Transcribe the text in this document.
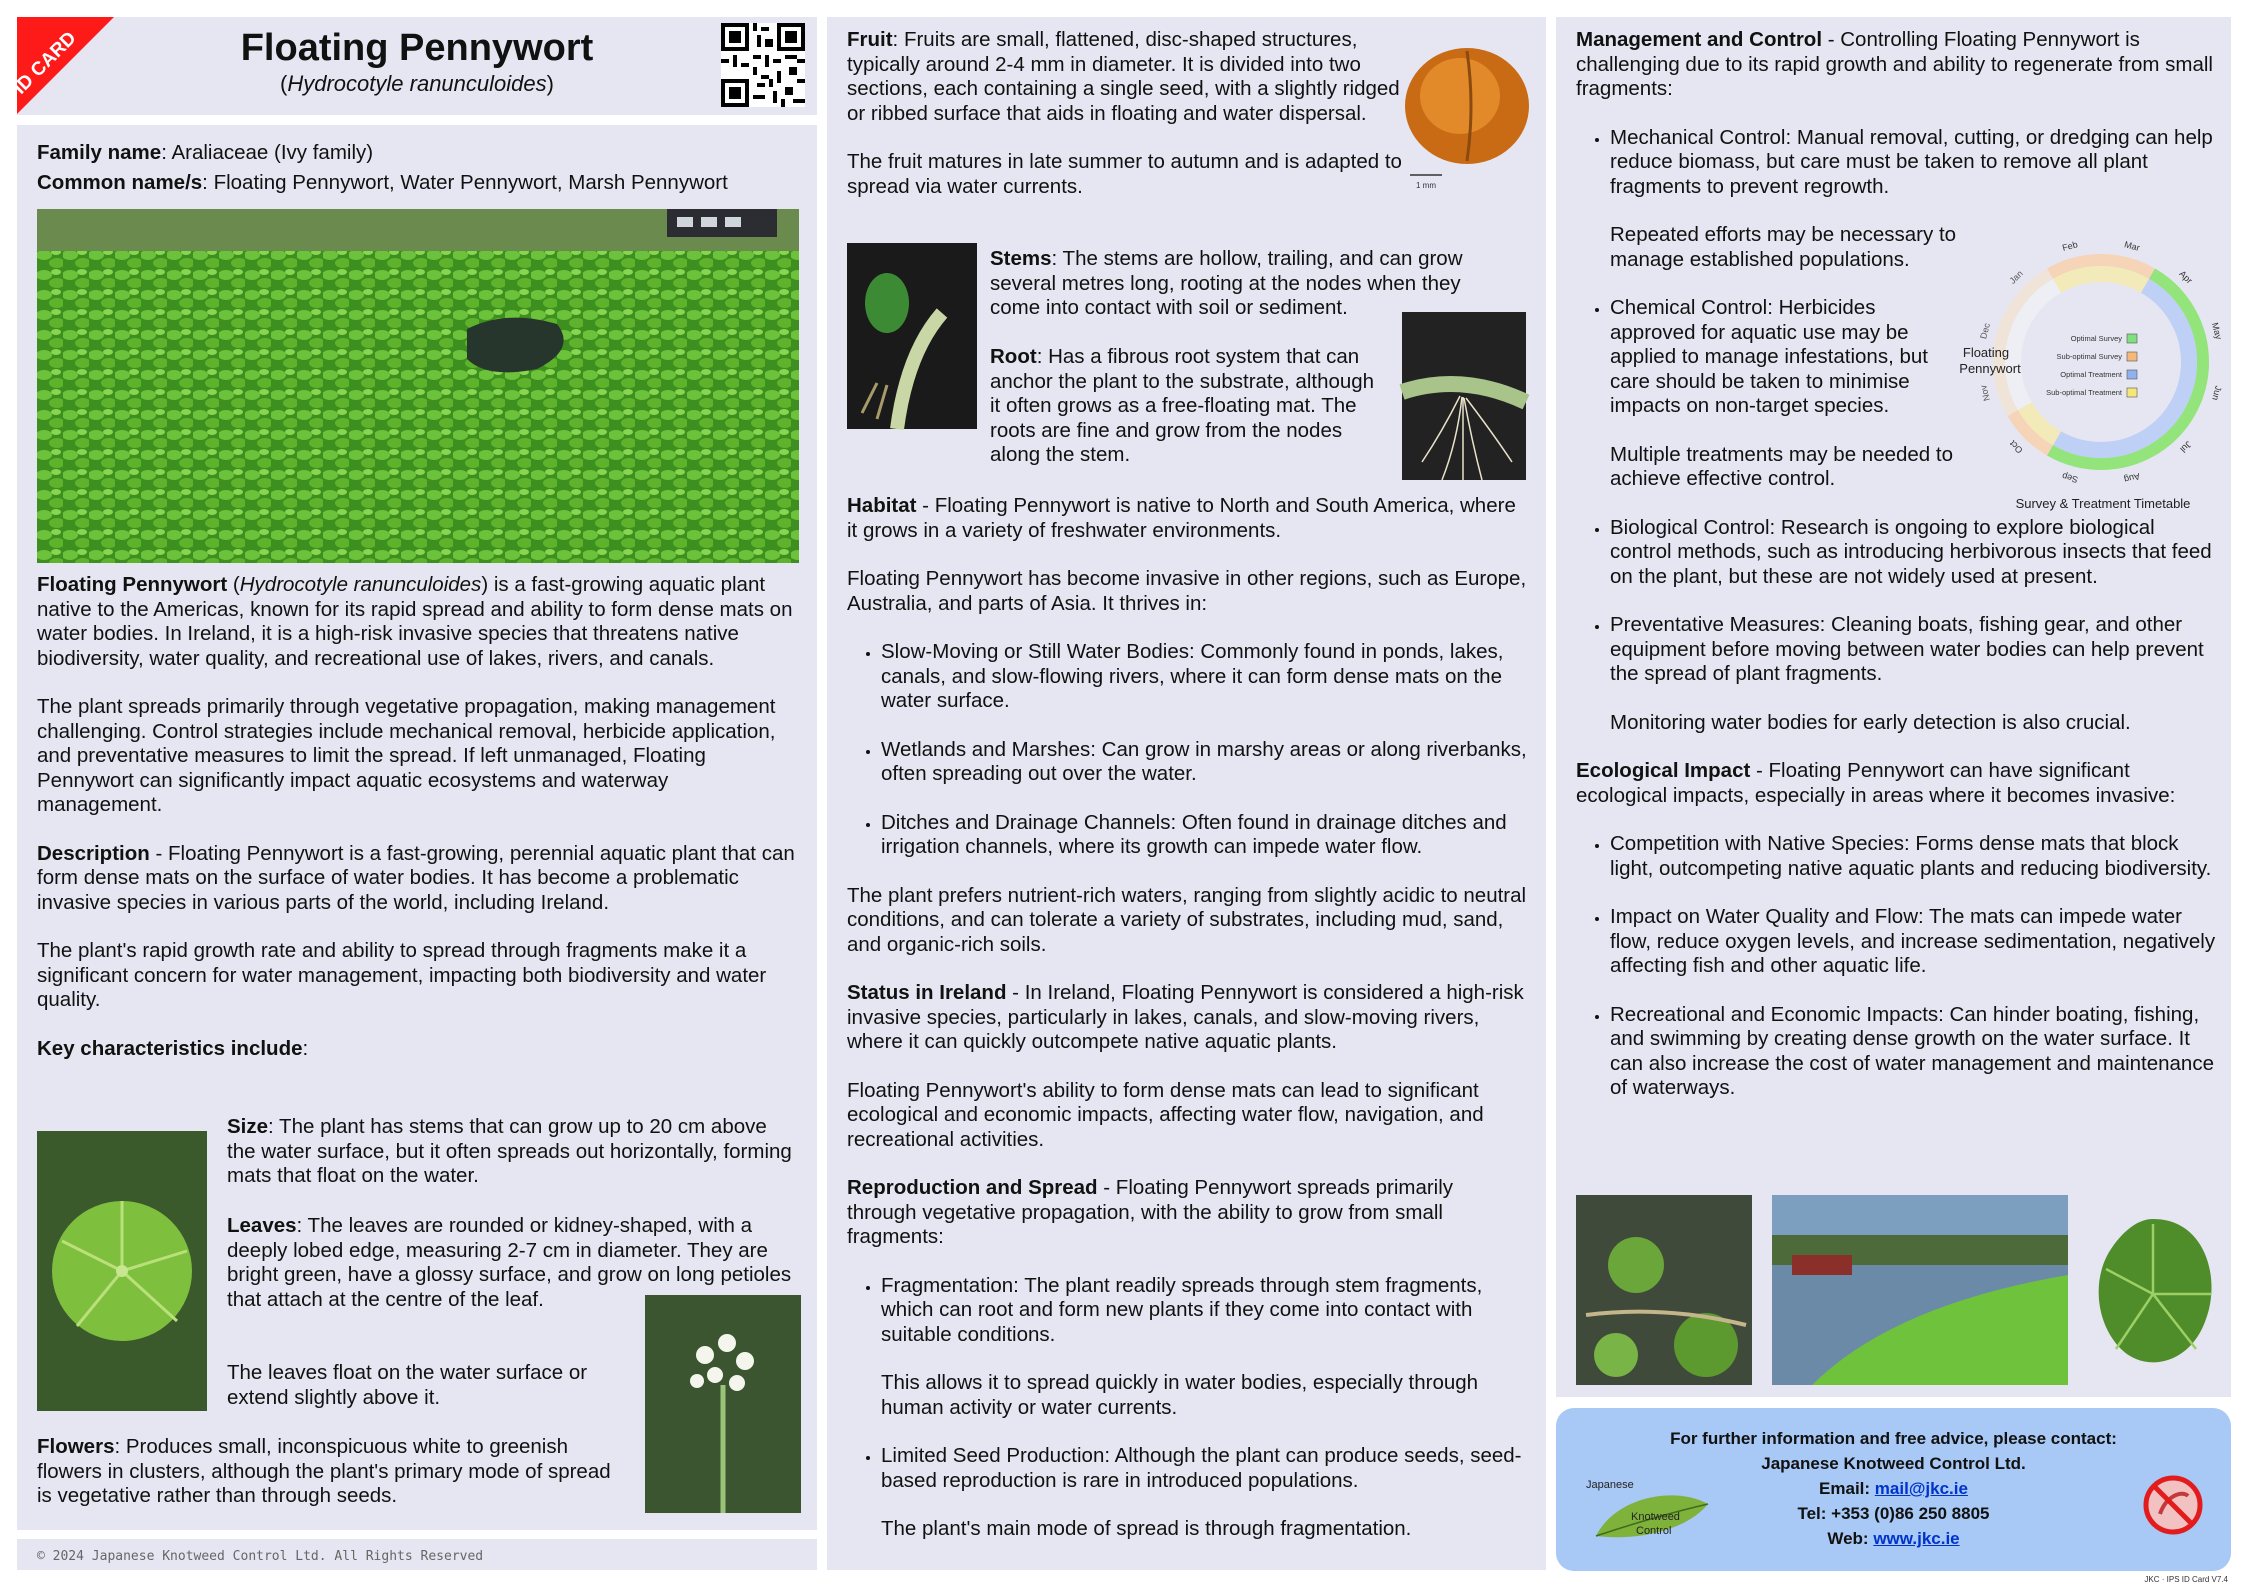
ID CARD	Floating Pennywort
(Hydrocotyle ranunculoides)

Family name: Araliaceae (Ivy family)

Common name/s: Floating Pennywort, Water Pennywort, Marsh Pennywort

Floating Pennywort (Hydrocotyle ranunculoides) is a fast-growing aquatic plant native to the Americas, known for its rapid spread and ability to form dense mats on water bodies. In Ireland, it is a high-risk invasive species that threatens native biodiversity, water quality, and recreational use of lakes, rivers, and canals.

The plant spreads primarily through vegetative propagation, making management challenging. Control strategies include mechanical removal, herbicide application, and preventative measures to limit the spread. If left unmanaged, Floating Pennywort can significantly impact aquatic ecosystems and waterway management.

Description - Floating Pennywort is a fast-growing, perennial aquatic plant that can form dense mats on the surface of water bodies. It has become a problematic invasive species in various parts of the world, including Ireland.

The plant's rapid growth rate and ability to spread through fragments make it a significant concern for water management, impacting both biodiversity and water quality.

Key characteristics include:

Size: The plant has stems that can grow up to 20 cm above the water surface, but it often spreads out horizontally, forming mats that float on the water.

Leaves: The leaves are rounded or kidney-shaped, with a deeply lobed edge, measuring 2-7 cm in diameter. They are bright green, have a glossy surface, and grow on long petioles that attach at the centre of the leaf.

The leaves float on the water surface or extend slightly above it.

Flowers: Produces small, inconspicuous white to greenish flowers in clusters, although the plant's primary mode of spread is vegetative rather than through seeds.

© 2024 Japanese Knotweed Control Ltd. All Rights Reserved

Fruit: Fruits are small, flattened, disc-shaped structures, typically around 2-4 mm in diameter. It is divided into two sections, each containing a single seed, with a slightly ridged or ribbed surface that aids in floating and water dispersal.

The fruit matures in late summer to autumn and is adapted to spread via water currents.	1 mm

Stems: The stems are hollow, trailing, and can grow several metres long, rooting at the nodes when they come into contact with soil or sediment.

Root: Has a fibrous root system that can anchor the plant to the substrate, although it often grows as a free-floating mat. The roots are fine and grow from the nodes along the stem.

Habitat - Floating Pennywort is native to North and South America, where it grows in a variety of freshwater environments.

Floating Pennywort has become invasive in other regions, such as Europe, Australia, and parts of Asia. It thrives in:

• Slow-Moving or Still Water Bodies: Commonly found in ponds, lakes, canals, and slow-flowing rivers, where it can form dense mats on the water surface.
• Wetlands and Marshes: Can grow in marshy areas or along riverbanks, often spreading out over the water.
• Ditches and Drainage Channels: Often found in drainage ditches and irrigation channels, where its growth can impede water flow.

The plant prefers nutrient-rich waters, ranging from slightly acidic to neutral conditions, and can tolerate a variety of substrates, including mud, sand, and organic-rich soils.

Status in Ireland - In Ireland, Floating Pennywort is considered a high-risk invasive species, particularly in lakes, canals, and slow-moving rivers, where it can quickly outcompete native aquatic plants.

Floating Pennywort's ability to form dense mats can lead to significant ecological and economic impacts, affecting water flow, navigation, and recreational activities.

Reproduction and Spread - Floating Pennywort spreads primarily through vegetative propagation, with the ability to grow from small fragments:

• Fragmentation: The plant readily spreads through stem fragments, which can root and form new plants if they come into contact with suitable conditions.

This allows it to spread quickly in water bodies, especially through human activity or water currents.

• Limited Seed Production: Although the plant can produce seeds, seed-based reproduction is rare in introduced populations.

The plant's main mode of spread is through fragmentation.

Management and Control - Controlling Floating Pennywort is challenging due to its rapid growth and ability to regenerate from small fragments:

• Mechanical Control: Manual removal, cutting, or dredging can help reduce biomass, but care must be taken to remove all plant fragments to prevent regrowth.

Repeated efforts may be necessary to manage established populations.

• Chemical Control: Herbicides approved for aquatic use may be applied to manage infestations, but care should be taken to minimise impacts on non-target species.

Multiple treatments may be needed to achieve effective control.

• Biological Control: Research is ongoing to explore biological control methods, such as introducing herbivorous insects that feed on the plant, but these are not widely used at present.
• Preventative Measures: Cleaning boats, fishing gear, and other equipment before moving between water bodies can help prevent the spread of plant fragments.

Monitoring water bodies for early detection is also crucial.

Ecological Impact - Floating Pennywort can have significant ecological impacts, especially in areas where it becomes invasive:

• Competition with Native Species: Forms dense mats that block light, outcompeting native aquatic plants and reducing biodiversity.
• Impact on Water Quality and Flow: The mats can impede water flow, reduce oxygen levels, and increase sedimentation, negatively affecting fish and other aquatic life.
• Recreational and Economic Impacts: Can hinder boating, fishing, and swimming by creating dense growth on the water surface. It can also increase the cost of water management and maintenance of waterways.
Feb	Mar
Apr
May
Jun
Jul
Aug
Sep
Oct
Jan
Nov
Dec
Floating
Pennywort
Optimal Survey
Sub-optimal Survey
Optimal Treatment
Sub-optimal Treatment
Survey & Treatment Timetable
For further information and free advice, please contact:
Japanese Knotweed Control Ltd.
Email: mail@jkc.ie
Tel: +353 (0)86 250 8805
Web: www.jkc.ie
Japanese
Knotweed
Control
JKC · IPS ID Card V7.4
